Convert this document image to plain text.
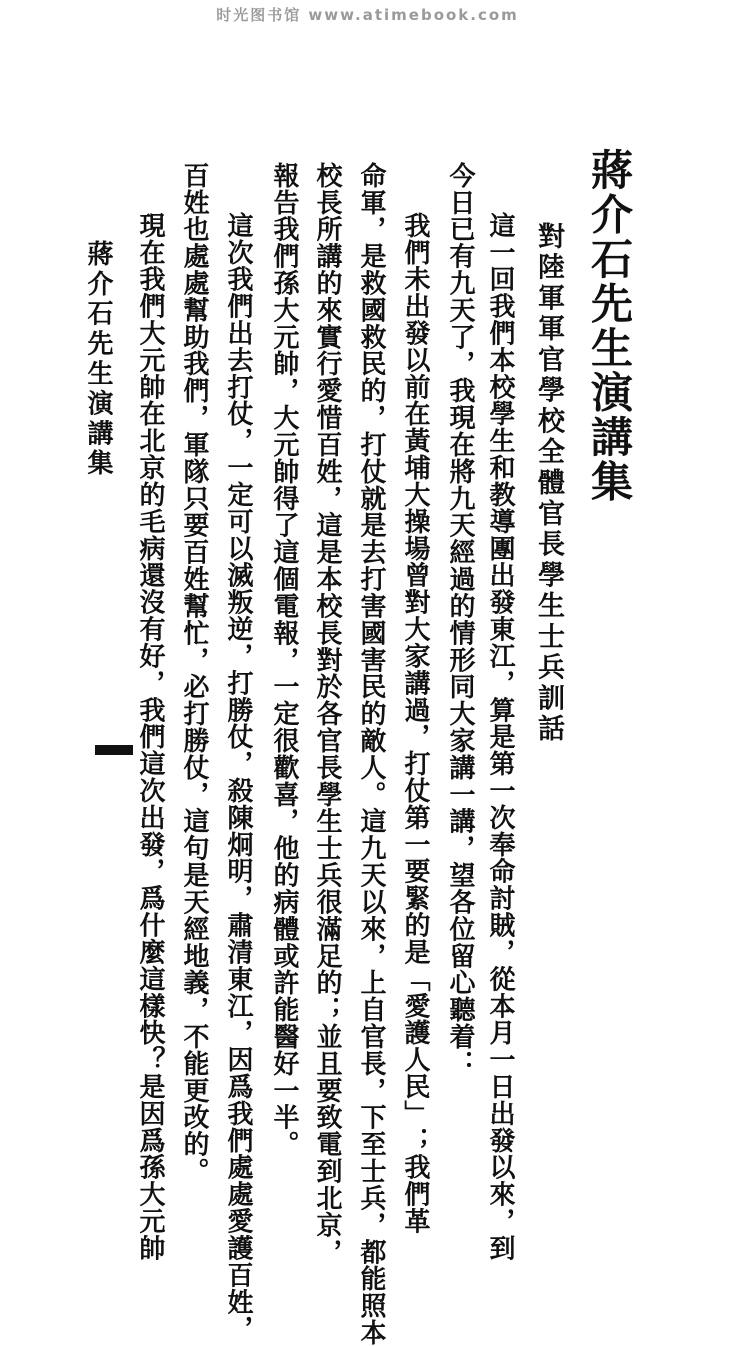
时光图书馆 www.atimebook.com
蔣介石先生演講集
對陸軍軍官學校全體官長學生士兵訓話
這一回我們本校學生和教導團出發東江，算是第一次奉命討賊，從本月一日出發以來，到
今日已有九天了，我現在將九天經過的情形同大家講一講，望各位留心聽着：
我們未出發以前在黃埔大操場曾對大家講過，打仗第一要緊的是「愛護人民」；我們革
命軍，是救國救民的，打仗就是去打害國害民的敵人。這九天以來，上自官長，下至士兵，都能照本
校長所講的來實行愛惜百姓，這是本校長對於各官長學生士兵很滿足的；並且要致電到北京，
報告我們孫大元帥，大元帥得了這個電報，一定很歡喜，他的病體或許能醫好一半。
這次我們出去打仗，一定可以滅叛逆，打勝仗，殺陳炯明，肅清東江，因爲我們處處愛護百姓，
百姓也處處幫助我們，軍隊只要百姓幫忙，必打勝仗，這句是天經地義，不能更改的。
現在我們大元帥在北京的毛病還沒有好，我們這次出發，爲什麼這樣快？是因爲孫大元帥
蔣介石先生演講集
